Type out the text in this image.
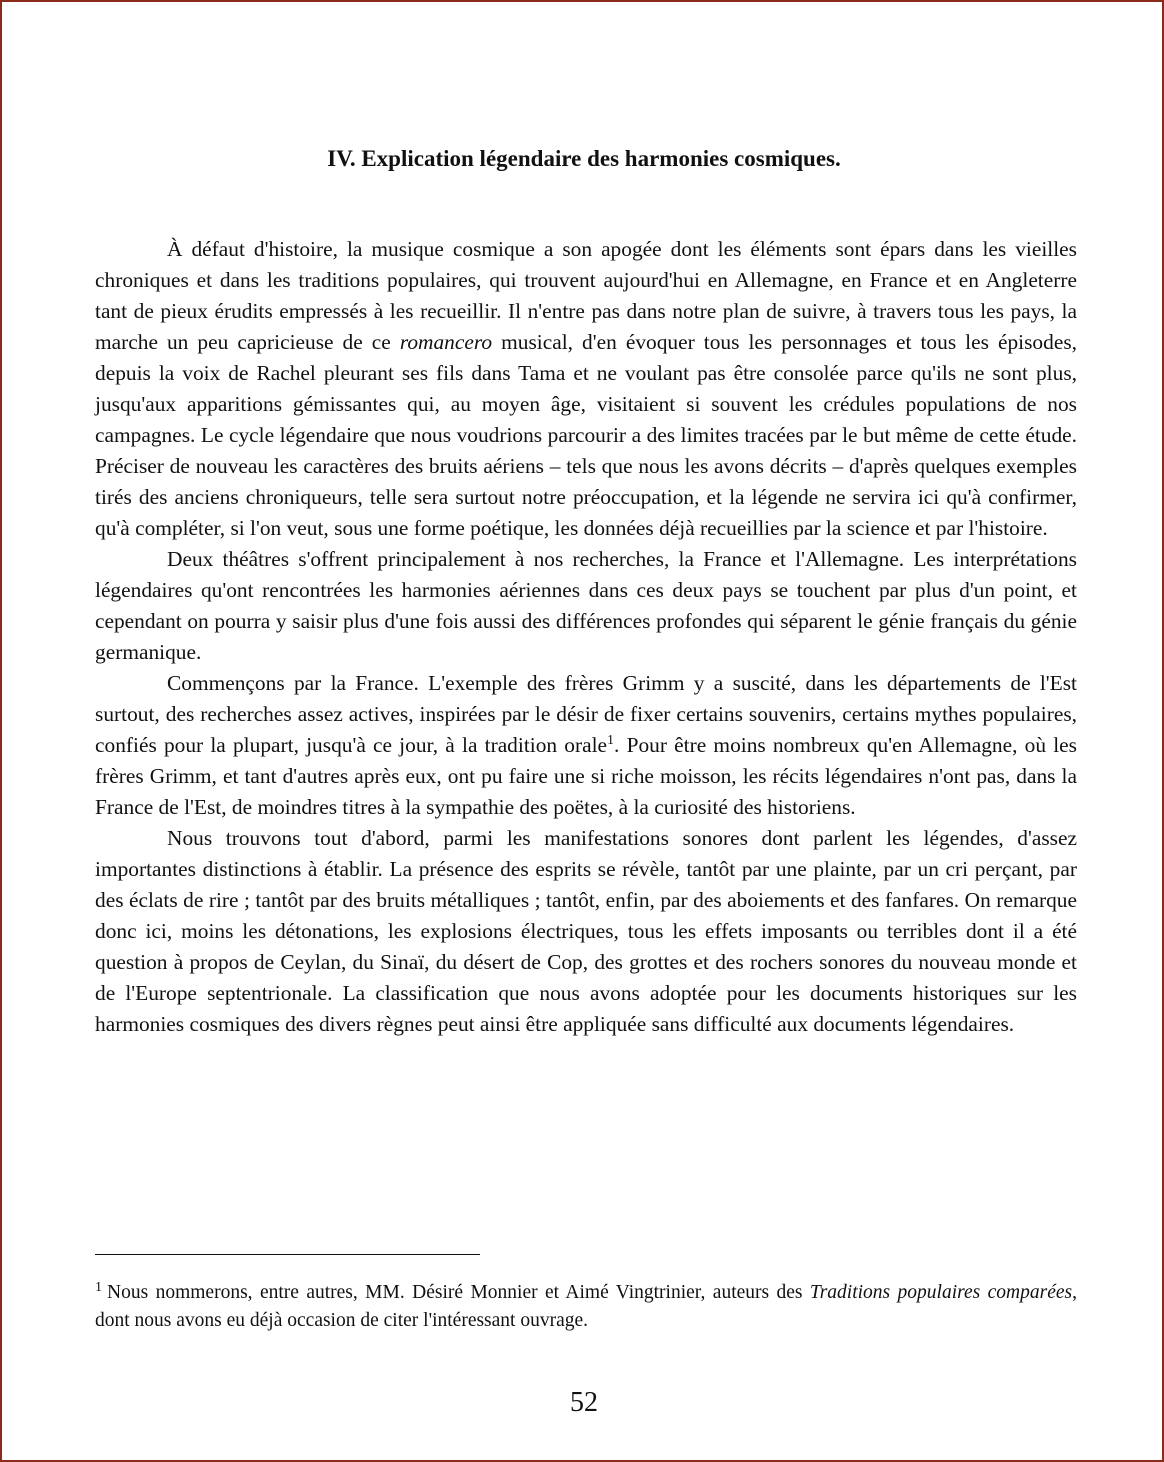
IV. Explication légendaire des harmonies cosmiques.

À défaut d'histoire, la musique cosmique a son apogée dont les éléments sont épars dans les vieilles chroniques et dans les traditions populaires, qui trouvent aujourd'hui en Allemagne, en France et en Angleterre tant de pieux érudits empressés à les recueillir. Il n'entre pas dans notre plan de suivre, à travers tous les pays, la marche un peu capricieuse de ce romancero musical, d'en évoquer tous les personnages et tous les épisodes, depuis la voix de Rachel pleurant ses fils dans Tama et ne voulant pas être consolée parce qu'ils ne sont plus, jusqu'aux apparitions gémissantes qui, au moyen âge, visitaient si souvent les crédules populations de nos campagnes. Le cycle légendaire que nous voudrions parcourir a des limites tracées par le but même de cette étude. Préciser de nouveau les caractères des bruits aériens – tels que nous les avons décrits – d'après quelques exemples tirés des anciens chroniqueurs, telle sera surtout notre préoccupation, et la légende ne servira ici qu'à confirmer, qu'à compléter, si l'on veut, sous une forme poétique, les données déjà recueillies par la science et par l'histoire.

Deux théâtres s'offrent principalement à nos recherches, la France et l'Allemagne. Les interprétations légendaires qu'ont rencontrées les harmonies aériennes dans ces deux pays se touchent par plus d'un point, et cependant on pourra y saisir plus d'une fois aussi des différences profondes qui séparent le génie français du génie germanique.

Commençons par la France. L'exemple des frères Grimm y a suscité, dans les départements de l'Est surtout, des recherches assez actives, inspirées par le désir de fixer certains souvenirs, certains mythes populaires, confiés pour la plupart, jusqu'à ce jour, à la tradition orale$^1$. Pour être moins nombreux qu'en Allemagne, où les frères Grimm, et tant d'autres après eux, ont pu faire une si riche moisson, les récits légendaires n'ont pas, dans la France de l'Est, de moindres titres à la sympathie des poëtes, à la curiosité des historiens.

Nous trouvons tout d'abord, parmi les manifestations sonores dont parlent les légendes, d'assez importantes distinctions à établir. La présence des esprits se révèle, tantôt par une plainte, par un cri perçant, par des éclats de rire ; tantôt par des bruits métalliques ; tantôt, enfin, par des aboiements et des fanfares. On remarque donc ici, moins les détonations, les explosions électriques, tous les effets imposants ou terribles dont il a été question à propos de Ceylan, du Sinaï, du désert de Cop, des grottes et des rochers sonores du nouveau monde et de l'Europe septentrionale. La classification que nous avons adoptée pour les documents historiques sur les harmonies cosmiques des divers règnes peut ainsi être appliquée sans difficulté aux documents légendaires.

$^1$ Nous nommerons, entre autres, MM. Désiré Monnier et Aimé Vingtrinier, auteurs des Traditions populaires comparées, dont nous avons eu déjà occasion de citer l'intéressant ouvrage.

52
